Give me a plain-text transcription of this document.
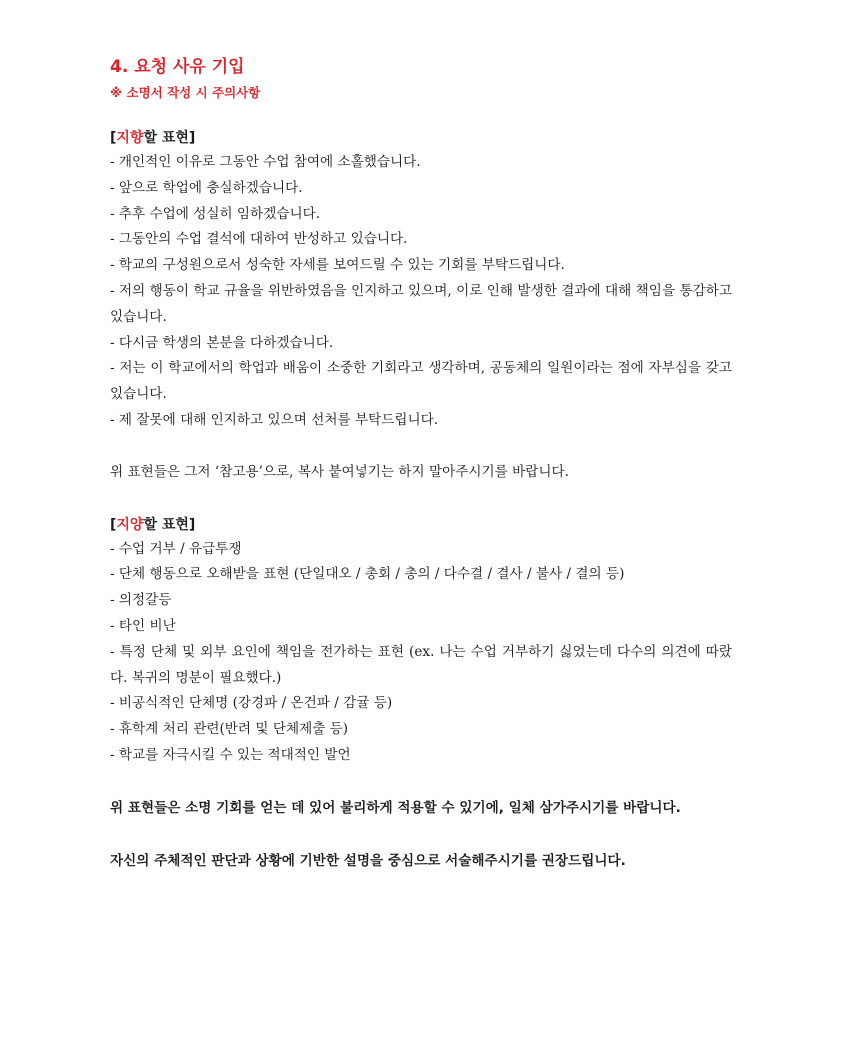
4. 요청 사유 기입

※ 소명서 작성 시 주의사항

[지향할 표현]

- 개인적인 이유로 그동안 수업 참여에 소홀했습니다.
- 앞으로 학업에 충실하겠습니다.
- 추후 수업에 성실히 임하겠습니다.
- 그동안의 수업 결석에 대하여 반성하고 있습니다.
- 학교의 구성원으로서 성숙한 자세를 보여드릴 수 있는 기회를 부탁드립니다.
- 저의 행동이 학교 규율을 위반하였음을 인지하고 있으며, 이로 인해 발생한 결과에 대해 책임을 통감하고 있습니다.
- 다시금 학생의 본분을 다하겠습니다.
- 저는 이 학교에서의 학업과 배움이 소중한 기회라고 생각하며, 공동체의 일원이라는 점에 자부심을 갖고 있습니다.
- 제 잘못에 대해 인지하고 있으며 선처를 부탁드립니다.

위 표현들은 그저 ‘참고용’으로, 복사 붙여넣기는 하지 말아주시기를 바랍니다.

[지양할 표현]

- 수업 거부 / 유급투쟁
- 단체 행동으로 오해받을 표현 (단일대오 / 총회 / 총의 / 다수결 / 결사 / 불사 / 결의 등)
- 의정갈등
- 타인 비난
- 특정 단체 및 외부 요인에 책임을 전가하는 표현 (ex. 나는 수업 거부하기 싫었는데 다수의 의견에 따랐다. 복귀의 명분이 필요했다.)
- 비공식적인 단체명 (강경파 / 온건파 / 감귤 등)
- 휴학계 처리 관련(반려 및 단체제출 등)
- 학교를 자극시킬 수 있는 적대적인 발언

위 표현들은 소명 기회를 얻는 데 있어 불리하게 적용할 수 있기에, 일체 삼가주시기를 바랍니다.

자신의 주체적인 판단과 상황에 기반한 설명을 중심으로 서술해주시기를 권장드립니다.
